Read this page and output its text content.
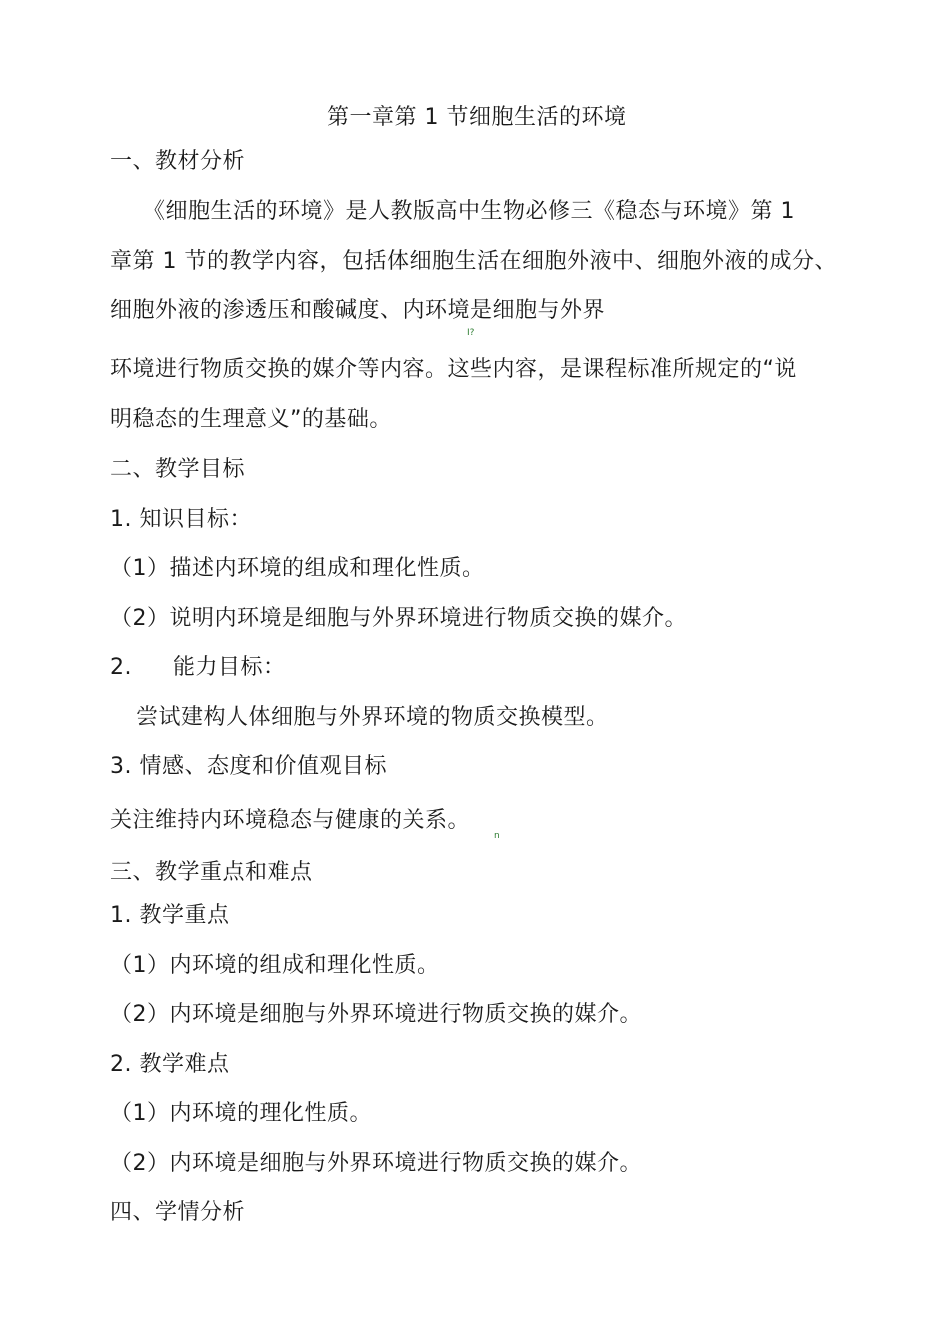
第一章第 1 节细胞生活的环境
一、教材分析
《细胞生活的环境》是人教版高中生物必修三《稳态与环境》第 1
章第 1 节的教学内容，包括体细胞生活在细胞外液中、细胞外液的成分、
细胞外液的渗透压和酸碱度、内环境是细胞与外界
I?
环境进行物质交换的媒介等内容。这些内容，是课程标准所规定的“说
明稳态的生理意义”的基础。
二、教学目标
1. 知识目标：
（1）描述内环境的组成和理化性质。
（2）说明内环境是细胞与外界环境进行物质交换的媒介。
2. 能力目标：
尝试建构人体细胞与外界环境的物质交换模型。
3. 情感、态度和价值观目标
关注维持内环境稳态与健康的关系。
n
三、教学重点和难点
1. 教学重点
（1）内环境的组成和理化性质。
（2）内环境是细胞与外界环境进行物质交换的媒介。
2. 教学难点
（1）内环境的理化性质。
（2）内环境是细胞与外界环境进行物质交换的媒介。
四、学情分析
